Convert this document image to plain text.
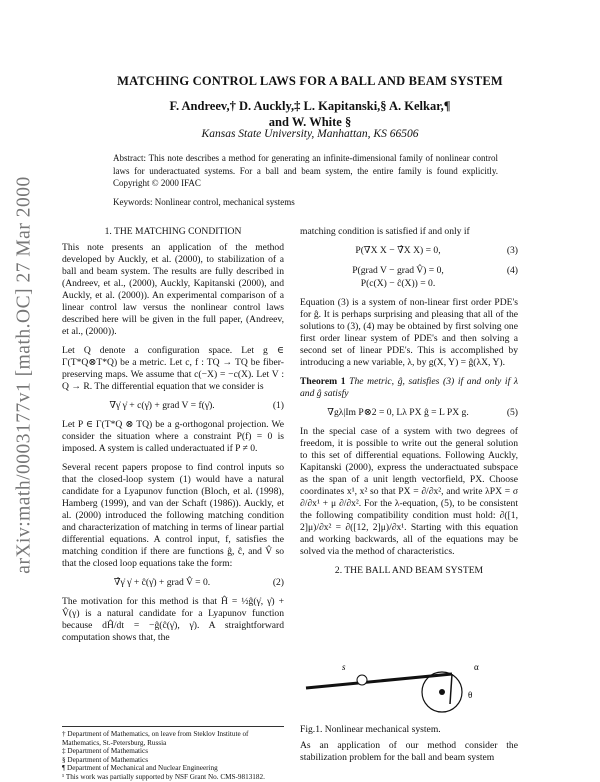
arXiv:math/0003177v1 [math.OC] 27 Mar 2000
MATCHING CONTROL LAWS FOR A BALL AND BEAM SYSTEM
F. Andreev,† D. Auckly,‡ L. Kapitanski,§ A. Kelkar,¶
and W. White §
Kansas State University, Manhattan, KS 66506
Abstract: This note describes a method for generating an infinite-dimensional family of nonlinear control laws for underactuated systems. For a ball and beam system, the entire family is found explicitly. Copyright © 2000 IFAC
Keywords: Nonlinear control, mechanical systems
1. THE MATCHING CONDITION

This note presents an application of the method developed by Auckly, et al. (2000), to stabilization of a ball and beam system. The results are fully described in (Andreev, et al., (2000), Auckly, Kapitanski (2000), and Auckly, et al. (2000)). An experimental comparison of a linear control law versus the nonlinear control laws described here will be given in the full paper, (Andreev, et al., (2000)).

Let Q denote a configuration space. Let g ∈ Γ(T*Q⊗T*Q) be a metric. Let c, f : TQ → TQ be fiber-preserving maps. We assume that c(−X) = −c(X). Let V : Q → R. The differential equation that we consider is

∇γ̇ γ̇ + c(γ̇) + grad V = f(γ̇).	(1)

Let P ∈ Γ(T*Q ⊗ TQ) be a g-orthogonal projection. We consider the situation where a constraint P(f) = 0 is imposed. A system is called underactuated if P ≠ 0.

Several recent papers propose to find control inputs so that the closed-loop system (1) would have a natural candidate for a Lyapunov function (Bloch, et al. (1998), Hamberg (1999), and van der Schaft (1986)). Auckly, et al. (2000) introduced the following matching condition and characterization of matching in terms of linear partial differential equations. A control input, f, satisfies the matching condition if there are functions ĝ, ĉ, and V̂ so that the closed loop equations take the form:

∇̂γ̇ γ̇ + ĉ(γ̇) + grad V̂ = 0.	(2)

The motivation for this method is that Ĥ = ½ĝ(γ̇, γ̇) + V̂(γ) is a natural candidate for a Lyapunov function because dĤ/dt = −ĝ(ĉ(γ̇), γ̇). A straightforward computation shows that, the

† Department of Mathematics, on leave from Steklov Institute of Mathematics, St.-Petersburg, Russia
‡ Department of Mathematics
§ Department of Mathematics
¶ Department of Mechanical and Nuclear Engineering
¹ This work was partially supported by NSF Grant No. CMS-9813182.

matching condition is satisfied if and only if

P(∇X X − ∇̂X X) = 0,	(3)
P(grad V − grad V̂) = 0,
P(c(X) − ĉ(X)) = 0.
(4)

Equation (3) is a system of non-linear first order PDE's for ĝ. It is perhaps surprising and pleasing that all of the solutions to (3), (4) may be obtained by first solving one first order linear system of PDE's and then solving a second set of linear PDE's. This is accomplished by introducing a new variable, λ, by g(X, Y) = ĝ(λX, Y).

Theorem 1 The metric, ĝ, satisfies (3) if and only if λ and ĝ satisfy

∇gλ|Im P⊗2 = 0, Lλ PX ĝ = L PX g.	(5)

In the special case of a system with two degrees of freedom, it is possible to write out the general solution to this set of differential equations. Following Auckly, Kapitanski (2000), express the underactuated subspace as the span of a unit length vectorfield, PX. Choose coordinates x¹, x² so that PX = ∂/∂x², and write λPX = σ ∂/∂x¹ + μ ∂/∂x². For the λ-equation, (5), to be consistent the following compatibility condition must hold: ∂([1, 2]μ)/∂x² = ∂([12, 2]μ)/∂x¹. Starting with this equation and working backwards, all of the equations may be solved via the method of characteristics.

2. THE BALL AND BEAM SYSTEM
s	α
θ
Fig.1. Nonlinear mechanical system.
As an application of our method consider the stabilization problem for the ball and beam system
